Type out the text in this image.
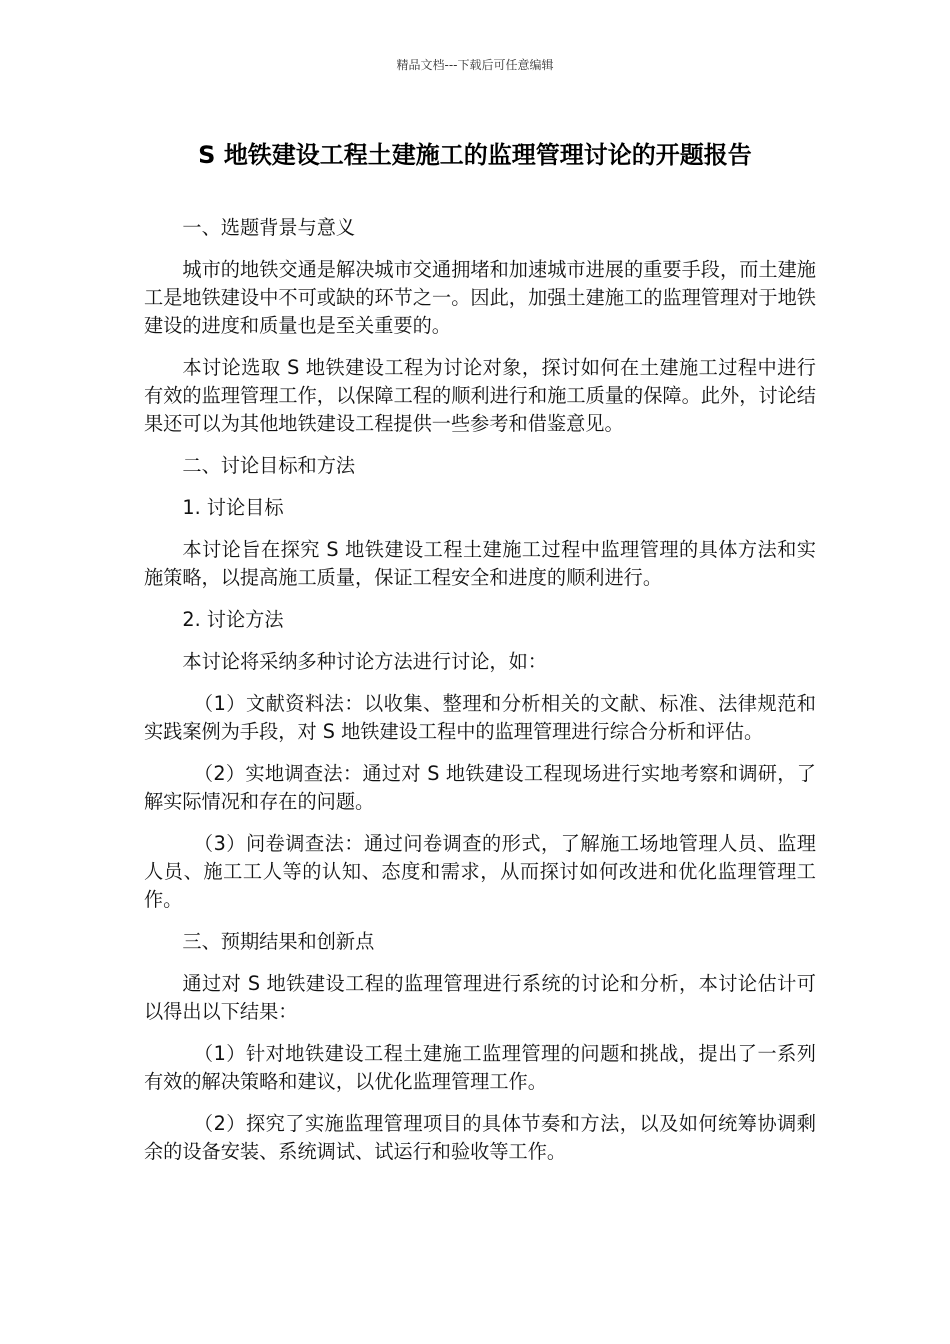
精品文档---下载后可任意编辑
S 地铁建设工程土建施工的监理管理讨论的开题报告

一、选题背景与意义

城市的地铁交通是解决城市交通拥堵和加速城市进展的重要手段，而土建施工是地铁建设中不可或缺的环节之一。因此，加强土建施工的监理管理对于地铁建设的进度和质量也是至关重要的。

本讨论选取 S 地铁建设工程为讨论对象，探讨如何在土建施工过程中进行有效的监理管理工作，以保障工程的顺利进行和施工质量的保障。此外，讨论结果还可以为其他地铁建设工程提供一些参考和借鉴意见。

二、讨论目标和方法

1. 讨论目标

本讨论旨在探究 S 地铁建设工程土建施工过程中监理管理的具体方法和实施策略，以提高施工质量，保证工程安全和进度的顺利进行。

2. 讨论方法

本讨论将采纳多种讨论方法进行讨论，如：

（1）文献资料法：以收集、整理和分析相关的文献、标准、法律规范和实践案例为手段，对 S 地铁建设工程中的监理管理进行综合分析和评估。

（2）实地调查法：通过对 S 地铁建设工程现场进行实地考察和调研，了解实际情况和存在的问题。

（3）问卷调查法：通过问卷调查的形式，了解施工场地管理人员、监理人员、施工工人等的认知、态度和需求，从而探讨如何改进和优化监理管理工作。

三、预期结果和创新点

通过对 S 地铁建设工程的监理管理进行系统的讨论和分析，本讨论估计可以得出以下结果：

（1）针对地铁建设工程土建施工监理管理的问题和挑战，提出了一系列有效的解决策略和建议，以优化监理管理工作。

（2）探究了实施监理管理项目的具体节奏和方法，以及如何统筹协调剩余的设备安装、系统调试、试运行和验收等工作。
